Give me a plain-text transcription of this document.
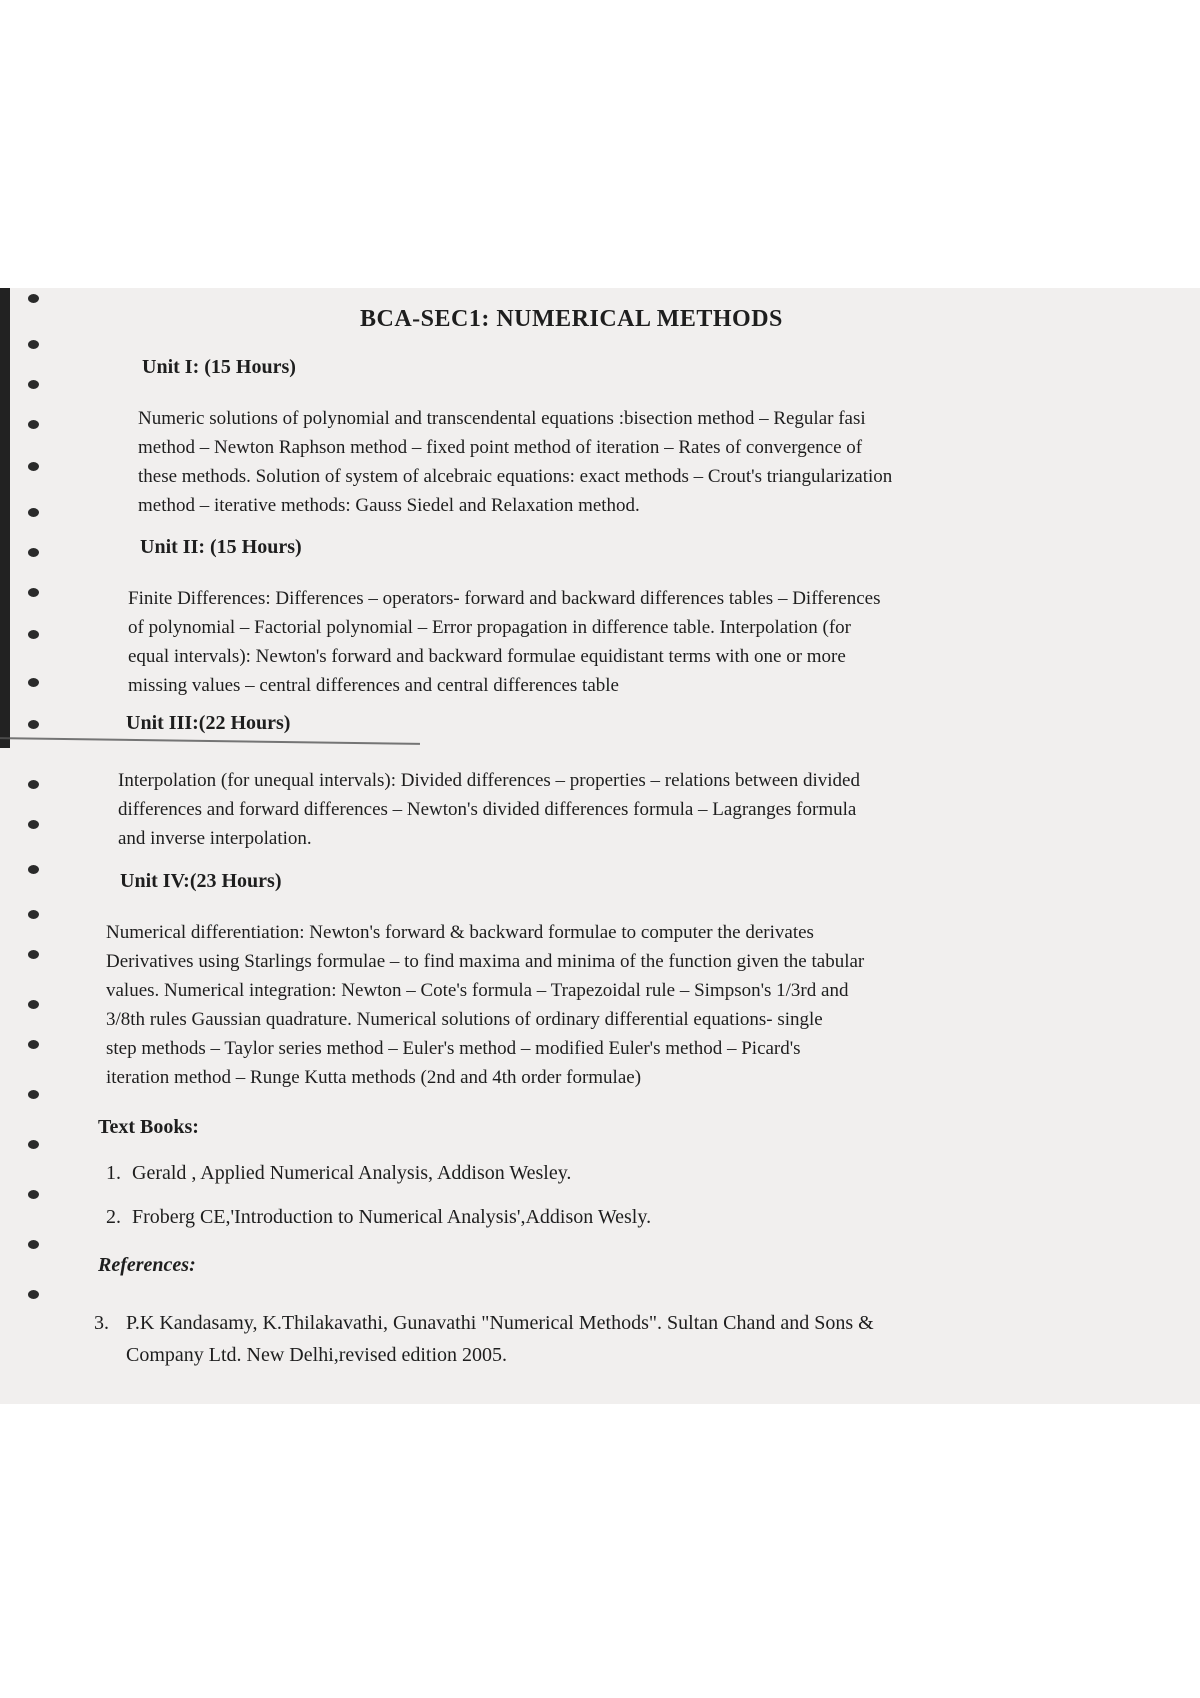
BCA-SEC1: NUMERICAL METHODS
Unit I: (15 Hours)
Numeric solutions of polynomial and transcendental equations :bisection method – Regular fasi
method – Newton Raphson method – fixed point method of iteration – Rates of convergence of
these methods. Solution of system of alcebraic equations: exact methods – Crout's triangularization
method – iterative methods: Gauss Siedel and Relaxation method.
Unit II: (15 Hours)
Finite Differences: Differences – operators- forward and backward differences tables – Differences
of polynomial – Factorial polynomial – Error propagation in difference table. Interpolation (for
equal intervals): Newton's forward and backward formulae equidistant terms with one or more
missing values – central differences and central differences table
Unit III:(22 Hours)
Interpolation (for unequal intervals): Divided differences – properties – relations between divided
differences and forward differences – Newton's divided differences formula – Lagranges formula
and inverse interpolation.
Unit IV:(23 Hours)
Numerical differentiation: Newton's forward & backward formulae to computer the derivates
Derivatives using Starlings formulae – to find maxima and minima of the function given the tabular
values. Numerical integration: Newton – Cote's formula – Trapezoidal rule – Simpson's 1/3rd and
3/8th rules Gaussian quadrature. Numerical solutions of ordinary differential equations- single
step methods – Taylor series method – Euler's method – modified Euler's method – Picard's
iteration method – Runge Kutta methods (2nd and 4th order formulae)
Text Books:
1. Gerald , Applied Numerical Analysis, Addison Wesley.
2. Froberg CE,'Introduction to Numerical Analysis',Addison Wesly.
References:
3. P.K Kandasamy, K.Thilakavathi, Gunavathi "Numerical Methods". Sultan Chand and Sons &
Company Ltd. New Delhi,revised edition 2005.
